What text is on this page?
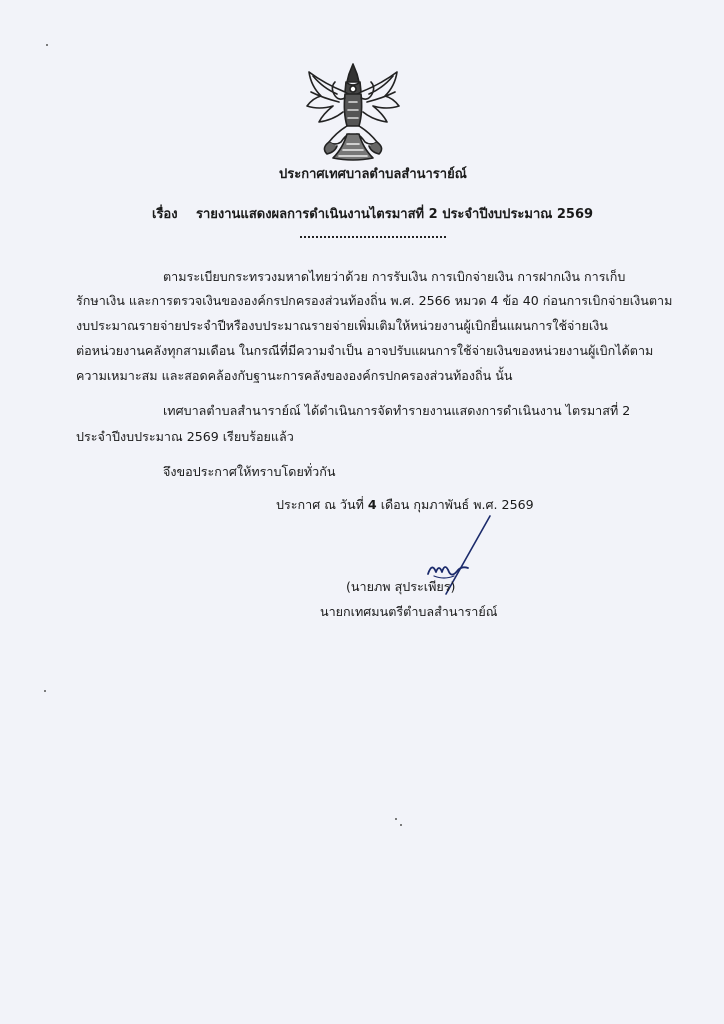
ประกาศเทศบาลตำบลสำนาราย์ณ์
เรื่อง รายงานแสดงผลการดำเนินงานไตรมาสที่ 2 ประจำปีงบประมาณ 2569
ตามระเบียบกระทรวงมหาดไทยว่าด้วย การรับเงิน การเบิกจ่ายเงิน การฝากเงิน การเก็บ
รักษาเงิน และการตรวจเงินขององค์กรปกครองส่วนท้องถิ่น พ.ศ. 2566 หมวด 4 ข้อ 40 ก่อนการเบิกจ่ายเงินตาม
งบประมาณรายจ่ายประจำปีหรืองบประมาณรายจ่ายเพิ่มเติมให้หน่วยงานผู้เบิกยื่นแผนการใช้จ่ายเงิน
ต่อหน่วยงานคลังทุกสามเดือน ในกรณีที่มีความจำเป็น อาจปรับแผนการใช้จ่ายเงินของหน่วยงานผู้เบิกได้ตาม
ความเหมาะสม และสอดคล้องกับฐานะการคลังขององค์กรปกครองส่วนท้องถิ่น นั้น
เทศบาลตำบลสำนาราย์ณ์ ได้ดำเนินการจัดทำรายงานแสดงการดำเนินงาน ไตรมาสที่ 2
ประจำปีงบประมาณ 2569 เรียบร้อยแล้ว
จึงขอประกาศให้ทราบโดยทั่วกัน
ประกาศ ณ วันที่ 4 เดือน กุมภาพันธ์ พ.ศ. 2569
(นายภพ สุประเพียร)
นายกเทศมนตรีตำบลสำนาราย์ณ์
